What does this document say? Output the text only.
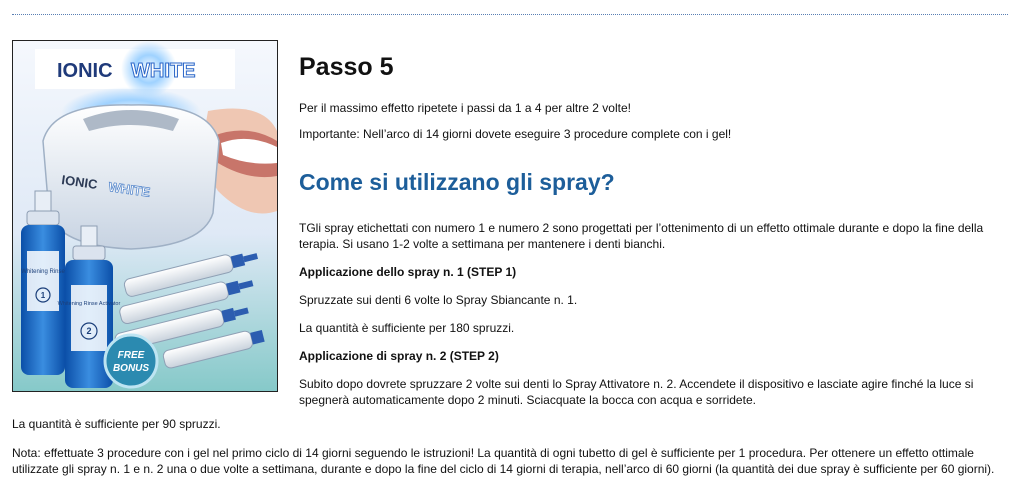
IONIC WHITE
IONIC WHITE
Whitening Rinse
1
Whitening Rinse Activator
2
FREE
BONUS
Passo 5

Per il massimo effetto ripetete i passi da 1 a 4 per altre 2 volte!

Importante: Nell’arco di 14 giorni dovete eseguire 3 procedure complete con i gel!

Come si utilizzano gli spray?

TGli spray etichettati con numero 1 e numero 2 sono progettati per l’ottenimento di un effetto ottimale durante e dopo la fine della terapia. Si usano 1-2 volte a settimana per mantenere i denti bianchi.

Applicazione dello spray n. 1 (STEP 1)

Spruzzate sui denti 6 volte lo Spray Sbiancante n. 1.

La quantità è sufficiente per 180 spruzzi.

Applicazione di spray n. 2 (STEP 2)

Subito dopo dovrete spruzzare 2 volte sui denti lo Spray Attivatore n. 2. Accendete il dispositivo e lasciate agire finché la luce si spegnerà automaticamente dopo 2 minuti. Sciacquate la bocca con acqua e sorridete.

La quantità è sufficiente per 90 spruzzi.
Nota: effettuate 3 procedure con i gel nel primo ciclo di 14 giorni seguendo le istruzioni! La quantità di ogni tubetto di gel è sufficiente per 1 procedura. Per ottenere un effetto ottimale utilizzate gli spray n. 1 e n. 2 una o due volte a settimana, durante e dopo la fine del ciclo di 14 giorni di terapia, nell’arco di 60 giorni (la quantità dei due spray è sufficiente per 60 giorni).
